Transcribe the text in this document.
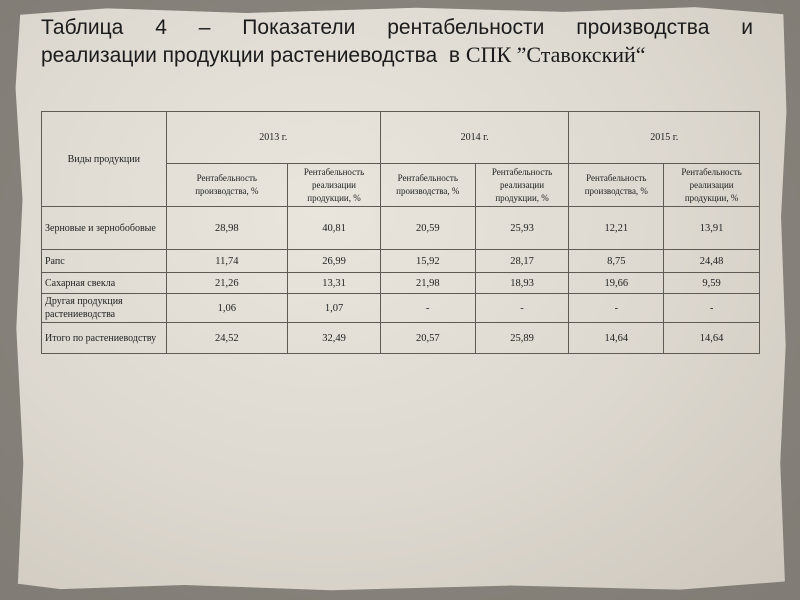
Таблица 4 – Показатели рентабельности производства и
реализации продукции растениеводства  в СПК ”Ставокский“
Виды продукции	2013 г.		2014 г.		2015 г.	
	Рентабельность производства, %	Рентабельность реализации продукции, %	Рентабельность производства, %	Рентабельность реализации продукции, %	Рентабельность производства, %	Рентабельность реализации продукции, %
Зерновые и зернобобовые	28,98	40,81	20,59	25,93	12,21	13,91
Рапс	11,74	26,99	15,92	28,17	8,75	24,48
Сахарная свекла	21,26	13,31	21,98	18,93	19,66	9,59
Другая продукция растениеводства	1,06	1,07	-	-	-	-
Итого по растениеводству	24,52	32,49	20,57	25,89	14,64	14,64
